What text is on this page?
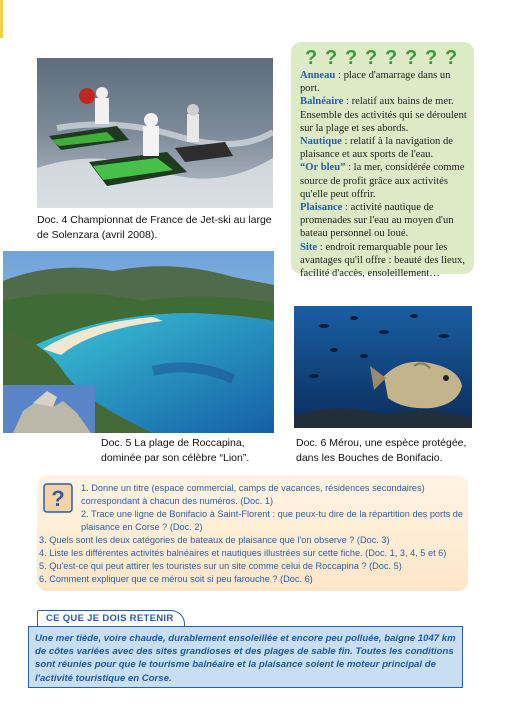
Doc. 4 Championnat de France de Jet-ski au large de Solenzara (avril 2008).
Doc. 5 La plage de Roccapina, dominée par son célèbre “Lion”.
Doc. 6 Mérou, une espèce protégée, dans les Bouches de Bonifacio.
? ? ? ? ? ? ? ?
Anneau : place d'amarrage dans un port.
Balnéaire : relatif aux bains de mer. Ensemble des activités qui se déroulent sur la plage et ses abords.
Nautique : relatif à la navigation de plaisance et aux sports de l'eau.
“Or bleu” : la mer, considérée comme source de profit grâce aux activités qu'elle peut offrir.
Plaisance : activité nautique de promenades sur l'eau au moyen d'un bateau personnel ou loué.
Site : endroit remarquable pour les avantages qu'il offre : beauté des lieux, facilité d'accès, ensoleillement…
?	1. Donne un titre (espace commercial, camps de vacances, résidences secondaires) correspondant à chacun des numéros. (Doc. 1)
2. Trace une ligne de Bonifacio à Saint-Florent : que peux-tu dire de la répartition des ports de plaisance en Corse ? (Doc. 2)
3. Quels sont les deux catégories de bateaux de plaisance que l'on observe ? (Doc. 3)
4. Liste les différentes activités balnéaires et nautiques illustrées sur cette fiche. (Doc. 1, 3, 4, 5 et 6)
5. Qu'est-ce qui peut attirer les touristes sur un site comme celui de Roccapina ? (Doc. 5)
6. Comment expliquer que ce mérou soit si peu farouche ? (Doc. 6)
CE QUE JE DOIS RETENIR

Une mer tiède, voire chaude, durablement ensoleillée et encore peu polluée, baigne 1047 km de côtes variées avec des sites grandioses et des plages de sable fin. Toutes les conditions sont réunies pour que le tourisme balnéaire et la plaisance soient le moteur principal de l'activité touristique en Corse.
